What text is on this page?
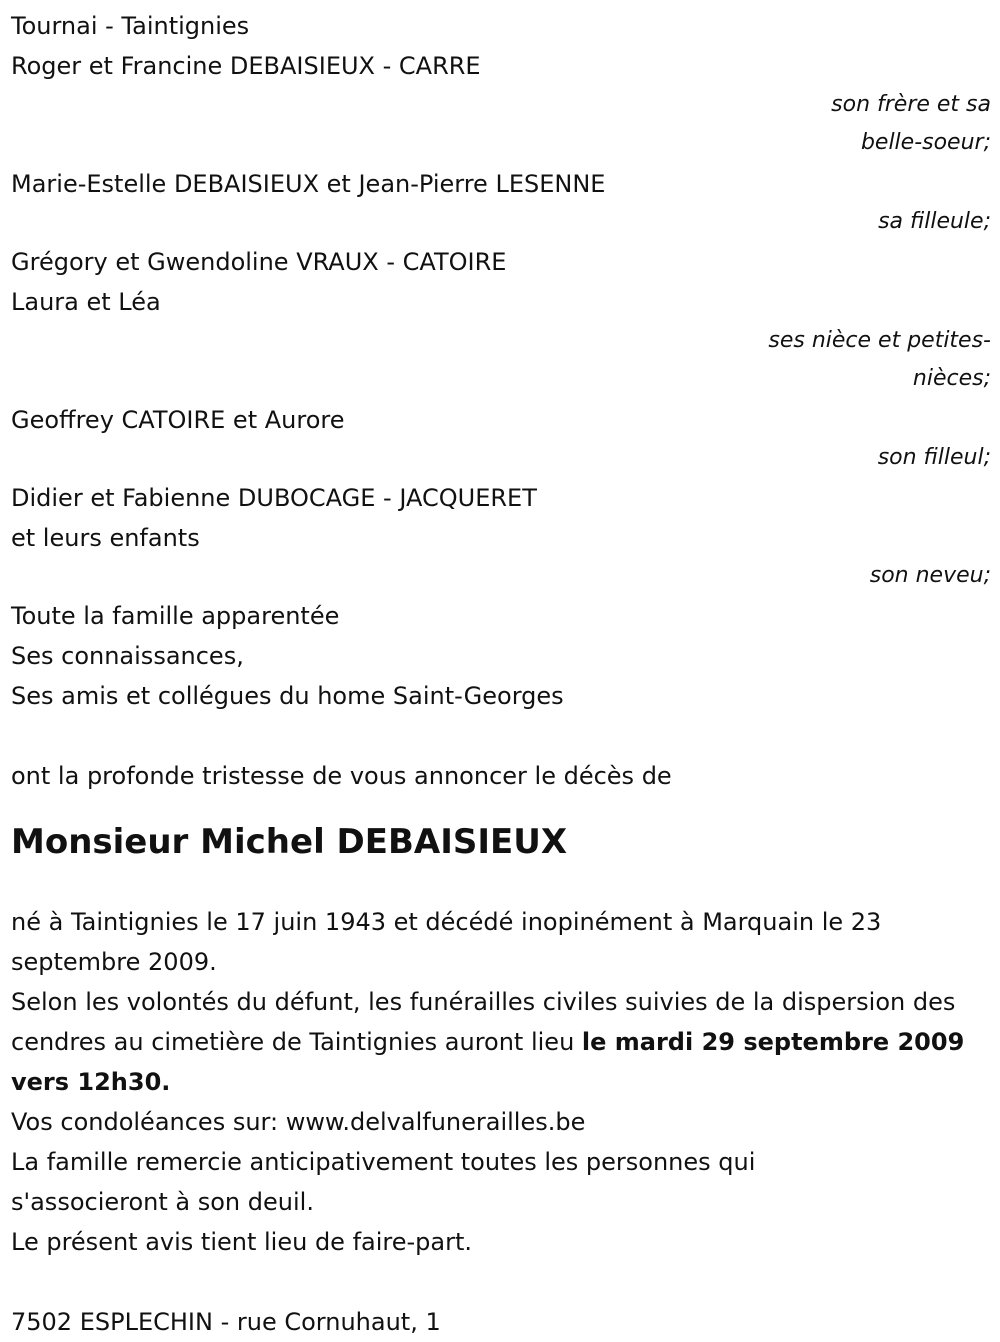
Tournai - Taintignies
Roger et Francine DEBAISIEUX - CARRE
son frère et sa
belle-soeur;
Marie-Estelle DEBAISIEUX et Jean-Pierre LESENNE
sa filleule;
Grégory et Gwendoline VRAUX - CATOIRE
Laura et Léa
ses nièce et petites-
nièces;
Geoffrey CATOIRE et Aurore
son filleul;
Didier et Fabienne DUBOCAGE - JACQUERET
et leurs enfants
son neveu;
Toute la famille apparentée
Ses connaissances,
Ses amis et collégues du home Saint-Georges
ont la profonde tristesse de vous annoncer le décès de
Monsieur Michel DEBAISIEUX
né à Taintignies le 17 juin 1943 et décédé inopinément à Marquain le 23 septembre 2009.
Selon les volontés du défunt, les funérailles civiles suivies de la dispersion des cendres au cimetière de Taintignies auront lieu le mardi 29 septembre 2009 vers 12h30.
Vos condoléances sur: www.delvalfunerailles.be
La famille remercie anticipativement toutes les personnes qui s'associeront à son deuil.
Le présent avis tient lieu de faire-part.
7502 ESPLECHIN - rue Cornuhaut, 1
